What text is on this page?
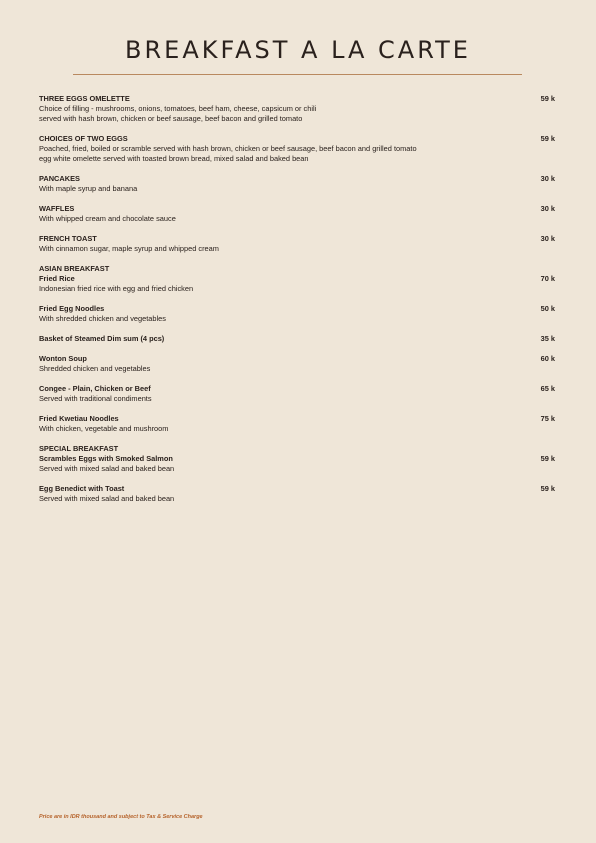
BREAKFAST A LA CARTE
59 k
THREE EGGS OMELETTE
Choice of filling - mushrooms, onions, tomatoes, beef ham, cheese, capsicum or chili
served with hash brown, chicken or beef sausage, beef bacon and grilled tomato
59 k
CHOICES OF TWO EGGS
Poached, fried, boiled or scramble served with hash brown, chicken or beef sausage, beef bacon and grilled tomato
egg white omelette served with toasted brown bread, mixed salad and baked bean
30 k
PANCAKES
With maple syrup and banana
30 k
WAFFLES
With whipped cream and chocolate sauce
30 k
FRENCH TOAST
With cinnamon sugar, maple syrup and whipped cream
ASIAN BREAKFAST
70 k
Fried Rice
Indonesian fried rice with egg and fried chicken
50 k
Fried Egg Noodles
With shredded chicken and vegetables
35 k
Basket of Steamed Dim sum (4 pcs)
60 k
Wonton Soup
Shredded chicken and vegetables
65 k
Congee - Plain, Chicken or Beef
Served with traditional condiments
75 k
Fried Kwetiau Noodles
With chicken, vegetable and mushroom
SPECIAL BREAKFAST
59 k
Scrambles Eggs with Smoked Salmon
Served with mixed salad and baked bean
59 k
Egg Benedict with Toast
Served with mixed salad and baked bean
Price are in IDR thousand and subject to Tax & Service Charge
